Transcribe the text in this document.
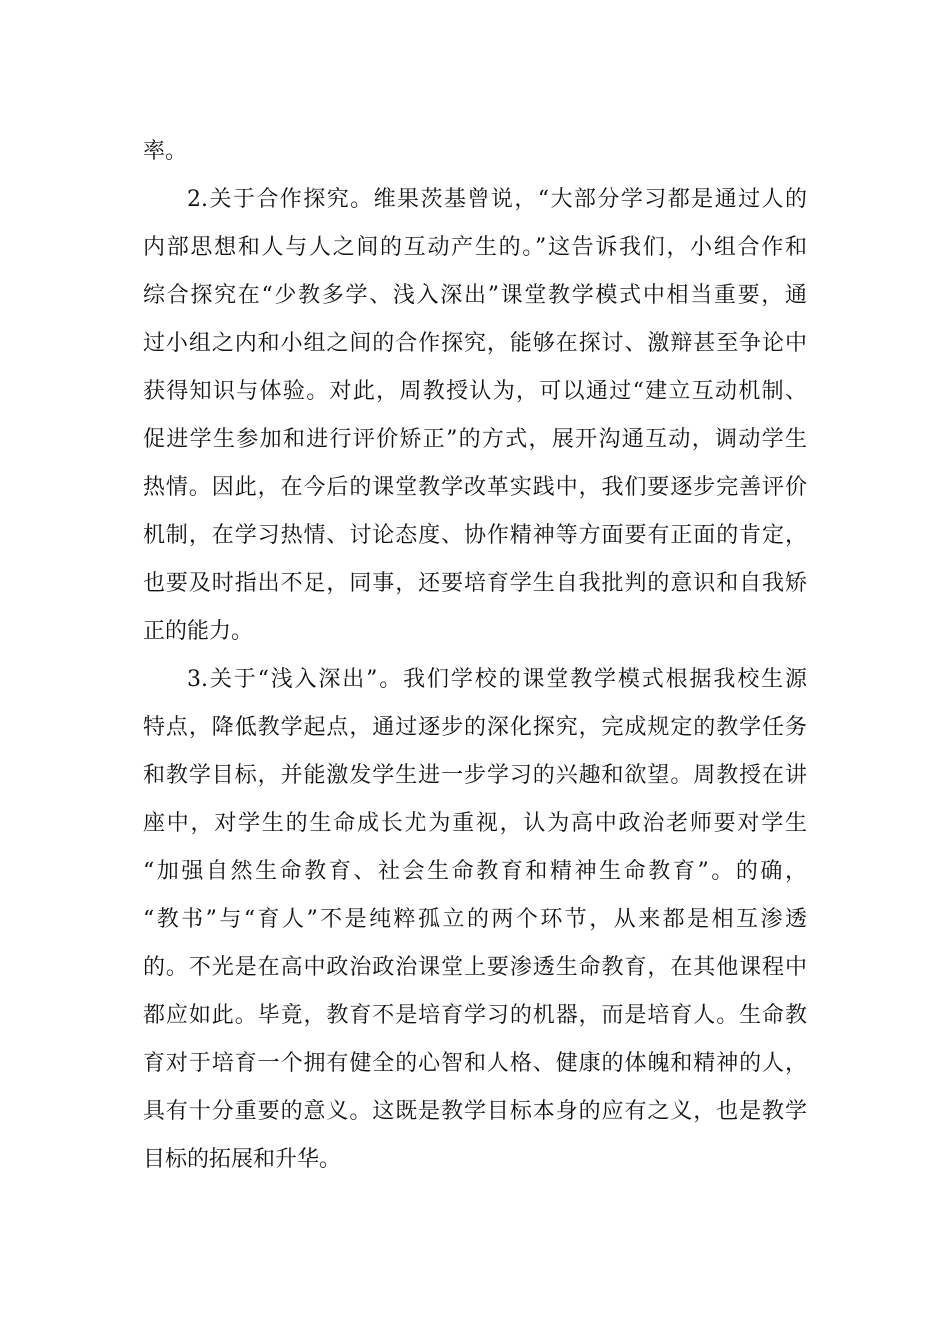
率。
2.关于合作探究。维果茨基曾说，“大部分学习都是通过人的
内部思想和人与人之间的互动产生的。”这告诉我们，小组合作和
综合探究在“少教多学、浅入深出”课堂教学模式中相当重要，通
过小组之内和小组之间的合作探究，能够在探讨、激辩甚至争论中
获得知识与体验。对此，周教授认为，可以通过“建立互动机制、
促进学生参加和进行评价矫正”的方式，展开沟通互动，调动学生
热情。因此，在今后的课堂教学改革实践中，我们要逐步完善评价
机制，在学习热情、讨论态度、协作精神等方面要有正面的肯定，
也要及时指出不足，同事，还要培育学生自我批判的意识和自我矫
正的能力。
3.关于“浅入深出”。我们学校的课堂教学模式根据我校生源
特点，降低教学起点，通过逐步的深化探究，完成规定的教学任务
和教学目标，并能激发学生进一步学习的兴趣和欲望。周教授在讲
座中，对学生的生命成长尤为重视，认为高中政治老师要对学生
“加强自然生命教育、社会生命教育和精神生命教育”。的确，
“教书”与“育人”不是纯粹孤立的两个环节，从来都是相互渗透
的。不光是在高中政治政治课堂上要渗透生命教育，在其他课程中
都应如此。毕竟，教育不是培育学习的机器，而是培育人。生命教
育对于培育一个拥有健全的心智和人格、健康的体魄和精神的人，
具有十分重要的意义。这既是教学目标本身的应有之义，也是教学
目标的拓展和升华。
